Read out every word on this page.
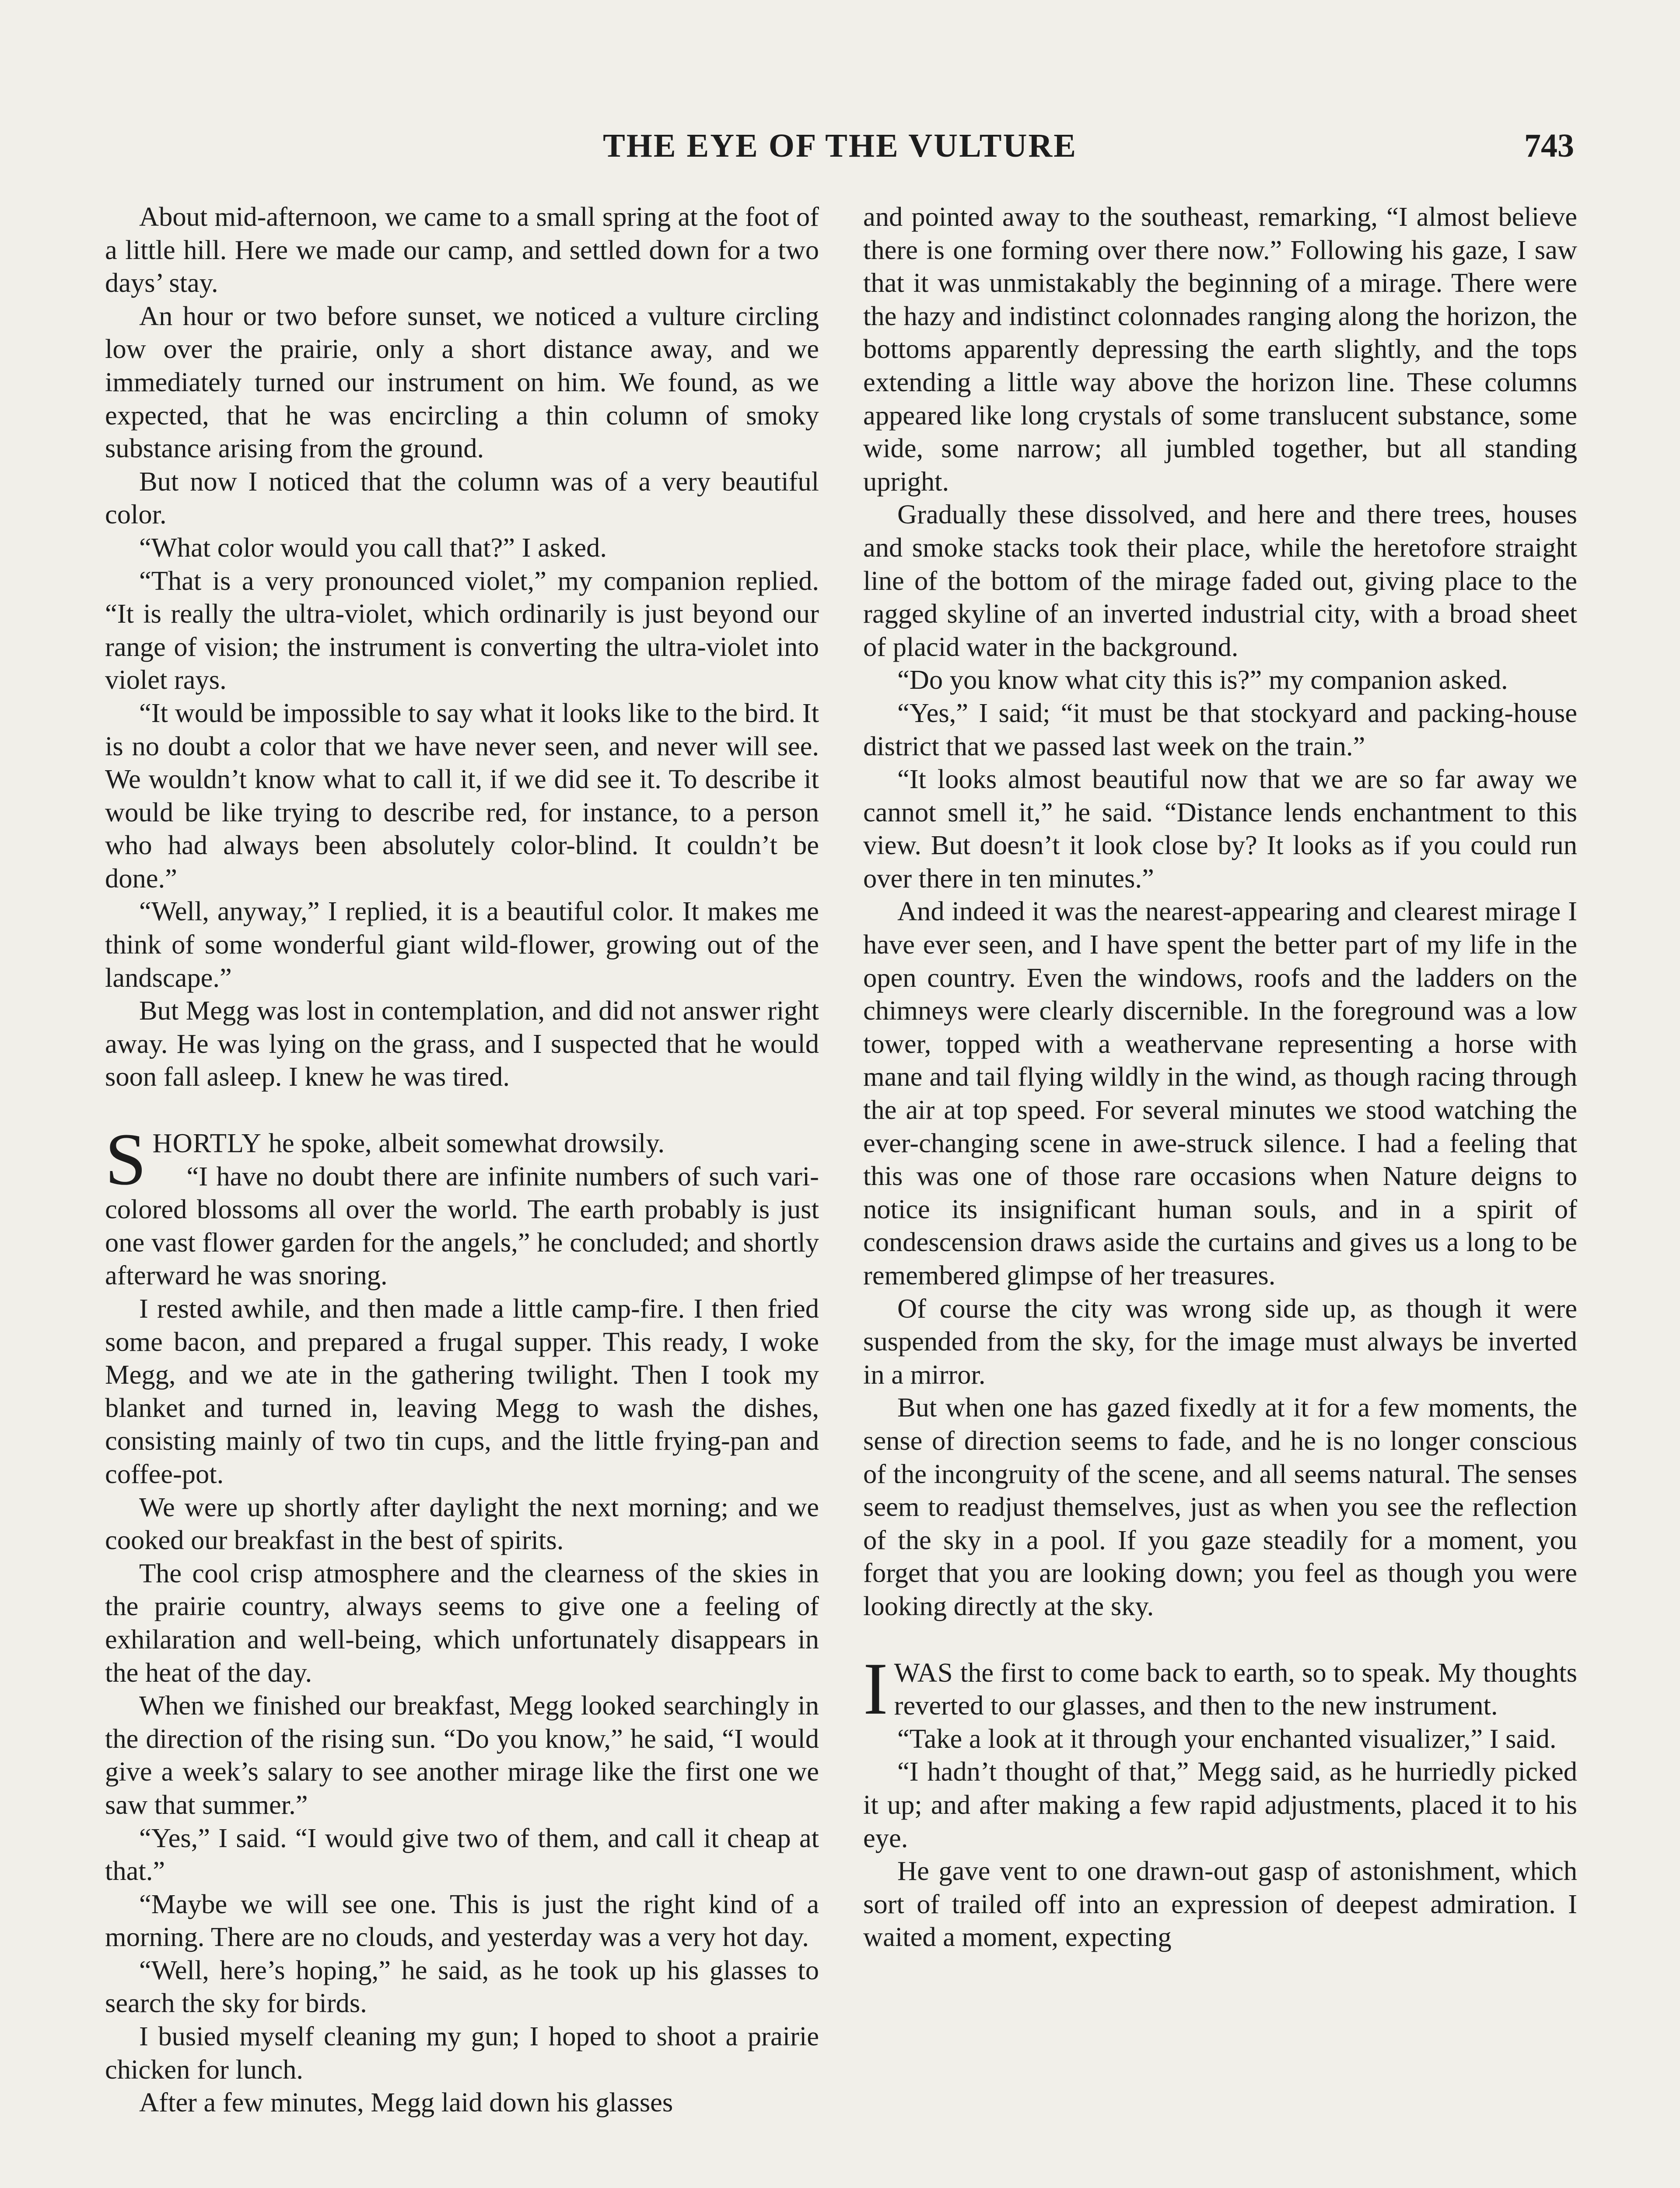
THE EYE OF THE VULTURE	743

About mid-afternoon, we came to a small spring at the foot of a little hill. Here we made our camp, and settled down for a two days’ stay.

An hour or two before sunset, we noticed a vulture circling low over the prairie, only a short distance away, and we immediately turned our instrument on him. We found, as we expected, that he was encircling a thin column of smoky substance arising from the ground.

But now I noticed that the column was of a very beautiful color.

“What color would you call that?” I asked.

“That is a very pronounced violet,” my companion replied. “It is really the ultra-violet, which ordinarily is just beyond our range of vision; the instrument is converting the ultra-violet into violet rays.

“It would be impossible to say what it looks like to the bird. It is no doubt a color that we have never seen, and never will see. We wouldn’t know what to call it, if we did see it. To describe it would be like trying to describe red, for instance, to a person who had always been absolutely color-blind. It couldn’t be done.”

“Well, anyway,” I replied, it is a beautiful color. It makes me think of some wonderful giant wild-flower, growing out of the landscape.”

But Megg was lost in contemplation, and did not answer right away. He was lying on the grass, and I suspected that he would soon fall asleep. I knew he was tired.

SHORTLY he spoke, albeit somewhat drowsily.

“I have no doubt there are infinite numbers of such vari-colored blossoms all over the world. The earth probably is just one vast flower garden for the angels,” he concluded; and shortly afterward he was snoring.

I rested awhile, and then made a little camp-fire. I then fried some bacon, and prepared a frugal supper. This ready, I woke Megg, and we ate in the gathering twilight. Then I took my blanket and turned in, leaving Megg to wash the dishes, consisting mainly of two tin cups, and the little frying-pan and coffee-pot.

We were up shortly after daylight the next morning; and we cooked our breakfast in the best of spirits.

The cool crisp atmosphere and the clearness of the skies in the prairie country, always seems to give one a feeling of exhilaration and well-being, which unfortunately disappears in the heat of the day.

When we finished our breakfast, Megg looked searchingly in the direction of the rising sun. “Do you know,” he said, “I would give a week’s salary to see another mirage like the first one we saw that summer.”

“Yes,” I said. “I would give two of them, and call it cheap at that.”

“Maybe we will see one. This is just the right kind of a morning. There are no clouds, and yesterday was a very hot day.

“Well, here’s hoping,” he said, as he took up his glasses to search the sky for birds.

I busied myself cleaning my gun; I hoped to shoot a prairie chicken for lunch.

After a few minutes, Megg laid down his glasses

and pointed away to the southeast, remarking, “I almost believe there is one forming over there now.” Following his gaze, I saw that it was unmistakably the beginning of a mirage. There were the hazy and indistinct colonnades ranging along the horizon, the bottoms apparently depressing the earth slightly, and the tops extending a little way above the horizon line. These columns appeared like long crystals of some translucent substance, some wide, some narrow; all jumbled together, but all standing upright.

Gradually these dissolved, and here and there trees, houses and smoke stacks took their place, while the heretofore straight line of the bottom of the mirage faded out, giving place to the ragged skyline of an inverted industrial city, with a broad sheet of placid water in the background.

“Do you know what city this is?” my companion asked.

“Yes,” I said; “it must be that stockyard and packing-house district that we passed last week on the train.”

“It looks almost beautiful now that we are so far away we cannot smell it,” he said. “Distance lends enchantment to this view. But doesn’t it look close by? It looks as if you could run over there in ten minutes.”

And indeed it was the nearest-appearing and clearest mirage I have ever seen, and I have spent the better part of my life in the open country. Even the windows, roofs and the ladders on the chimneys were clearly discernible. In the foreground was a low tower, topped with a weathervane representing a horse with mane and tail flying wildly in the wind, as though racing through the air at top speed. For several minutes we stood watching the ever-changing scene in awe-struck silence. I had a feeling that this was one of those rare occasions when Nature deigns to notice its insignificant human souls, and in a spirit of condescension draws aside the curtains and gives us a long to be remembered glimpse of her treasures.

Of course the city was wrong side up, as though it were suspended from the sky, for the image must always be inverted in a mirror.

But when one has gazed fixedly at it for a few moments, the sense of direction seems to fade, and he is no longer conscious of the incongruity of the scene, and all seems natural. The senses seem to readjust themselves, just as when you see the reflection of the sky in a pool. If you gaze steadily for a moment, you forget that you are looking down; you feel as though you were looking directly at the sky.

IWAS the first to come back to earth, so to speak. My thoughts reverted to our glasses, and then to the new instrument.

“Take a look at it through your enchanted visualizer,” I said.

“I hadn’t thought of that,” Megg said, as he hurriedly picked it up; and after making a few rapid adjustments, placed it to his eye.

He gave vent to one drawn-out gasp of astonishment, which sort of trailed off into an expression of deepest admiration. I waited a moment, expecting
